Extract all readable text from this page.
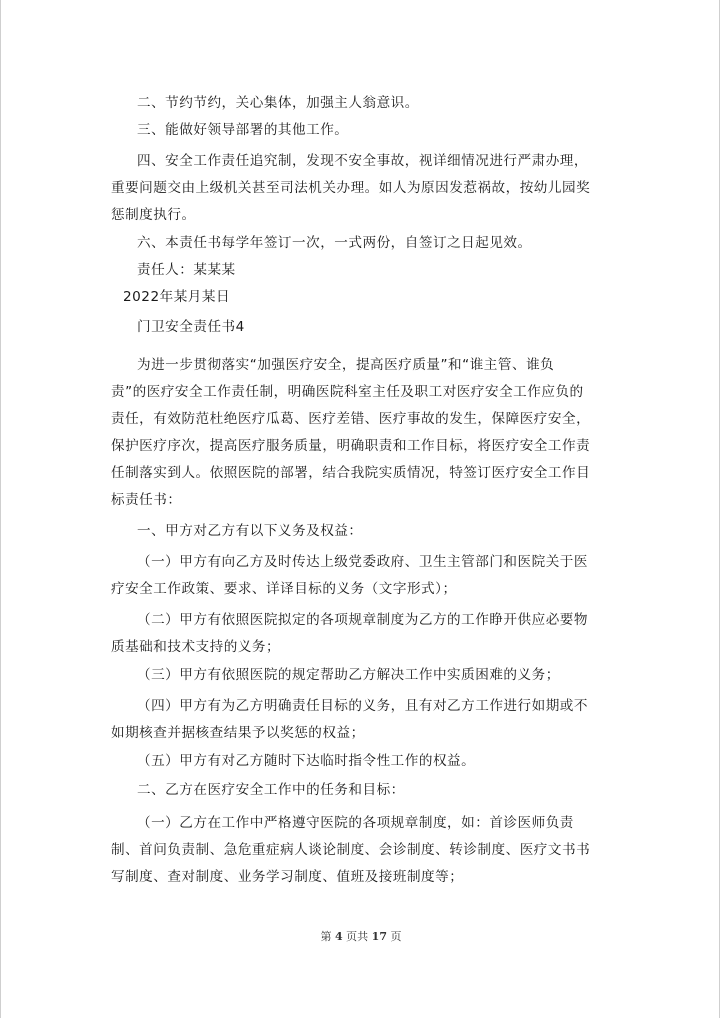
二、节约节约，关心集体，加强主人翁意识。
三、能做好领导部署的其他工作。
四、安全工作责任追究制，发现不安全事故，视详细情况进行严肃办理，
重要问题交由上级机关甚至司法机关办理。如人为原因发惹祸故，按幼儿园奖
惩制度执行。
六、本责任书每学年签订一次，一式两份，自签订之日起见效。
责任人：某某某
2022年某月某日
门卫安全责任书4
为进一步贯彻落实“加强医疗安全，提高医疗质量”和“谁主管、谁负
责”的医疗安全工作责任制，明确医院科室主任及职工对医疗安全工作应负的
责任，有效防范杜绝医疗瓜葛、医疗差错、医疗事故的发生，保障医疗安全，
保护医疗序次，提高医疗服务质量，明确职责和工作目标，将医疗安全工作责
任制落实到人。依照医院的部署，结合我院实质情况，特签订医疗安全工作目
标责任书：
一、甲方对乙方有以下义务及权益：
（一）甲方有向乙方及时传达上级党委政府、卫生主管部门和医院关于医
疗安全工作政策、要求、详译目标的义务（文字形式）；
（二）甲方有依照医院拟定的各项规章制度为乙方的工作睁开供应必要物
质基础和技术支持的义务；
（三）甲方有依照医院的规定帮助乙方解决工作中实质困难的义务；
（四）甲方有为乙方明确责任目标的义务，且有对乙方工作进行如期或不
如期核查并据核查结果予以奖惩的权益；
（五）甲方有对乙方随时下达临时指令性工作的权益。
二、乙方在医疗安全工作中的任务和目标：
（一）乙方在工作中严格遵守医院的各项规章制度，如：首诊医师负责
制、首问负责制、急危重症病人谈论制度、会诊制度、转诊制度、医疗文书书
写制度、查对制度、业务学习制度、值班及接班制度等；
第 4 页共 17 页
